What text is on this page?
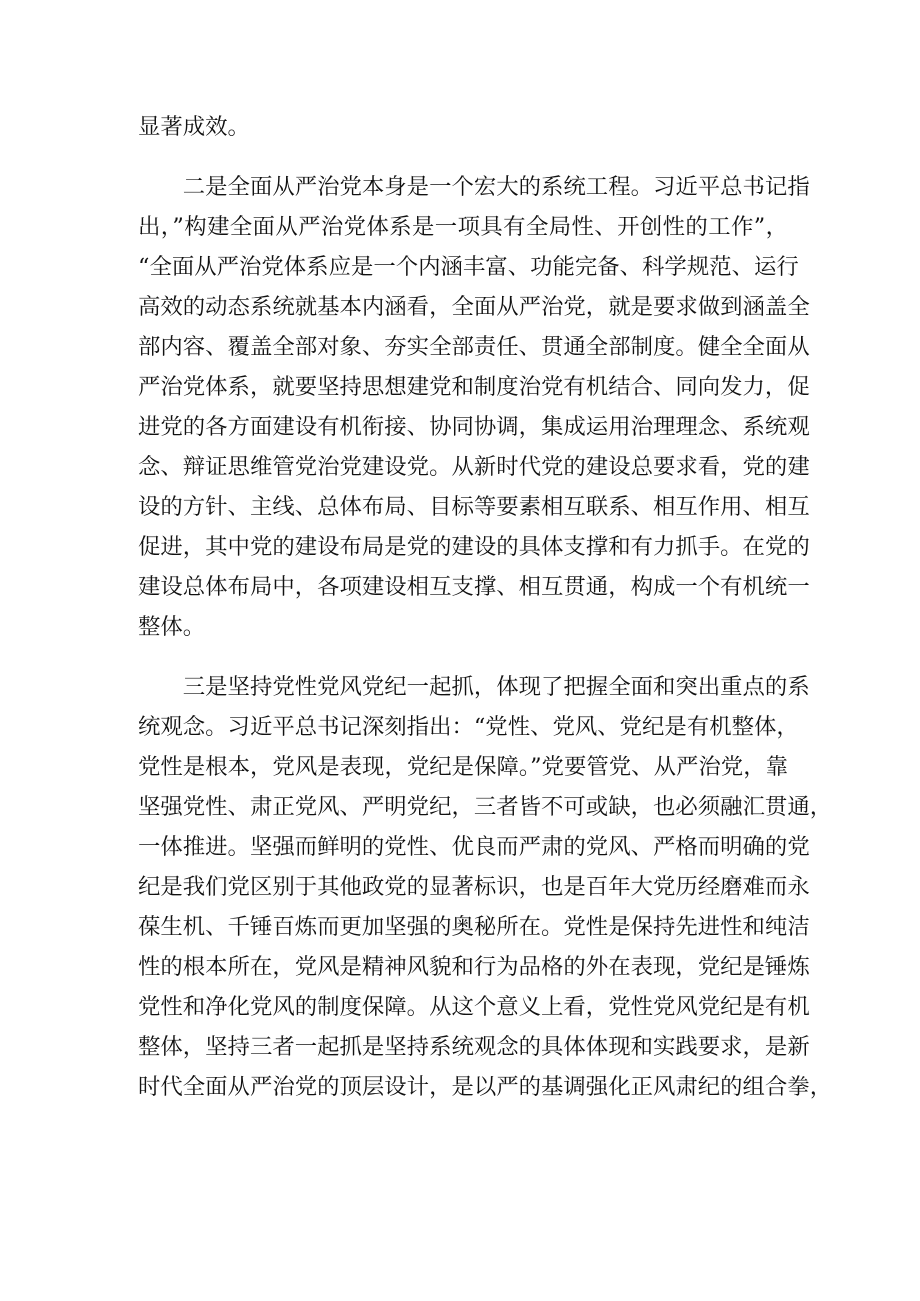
显著成效。
　　二是全面从严治党本身是一个宏大的系统工程。习近平总书记指
出，”构建全面从严治党体系是一项具有全局性、开创性的工作”，
“全面从严治党体系应是一个内涵丰富、功能完备、科学规范、运行
高效的动态系统就基本内涵看，全面从严治党，就是要求做到涵盖全
部内容、覆盖全部对象、夯实全部责任、贯通全部制度。健全全面从
严治党体系，就要坚持思想建党和制度治党有机结合、同向发力，促
进党的各方面建设有机衔接、协同协调，集成运用治理理念、系统观
念、辩证思维管党治党建设党。从新时代党的建设总要求看，党的建
设的方针、主线、总体布局、目标等要素相互联系、相互作用、相互
促进，其中党的建设布局是党的建设的具体支撑和有力抓手。在党的
建设总体布局中，各项建设相互支撑、相互贯通，构成一个有机统一
整体。
　　三是坚持党性党风党纪一起抓，体现了把握全面和突出重点的系
统观念。习近平总书记深刻指出：“党性、党风、党纪是有机整体，
党性是根本，党风是表现，党纪是保障。”党要管党、从严治党，靠
坚强党性、肃正党风、严明党纪，三者皆不可或缺，也必须融汇贯通，
一体推进。坚强而鲜明的党性、优良而严肃的党风、严格而明确的党
纪是我们党区别于其他政党的显著标识，也是百年大党历经磨难而永
葆生机、千锤百炼而更加坚强的奥秘所在。党性是保持先进性和纯洁
性的根本所在，党风是精神风貌和行为品格的外在表现，党纪是锤炼
党性和净化党风的制度保障。从这个意义上看，党性党风党纪是有机
整体，坚持三者一起抓是坚持系统观念的具体体现和实践要求，是新
时代全面从严治党的顶层设计，是以严的基调强化正风肃纪的组合拳，
